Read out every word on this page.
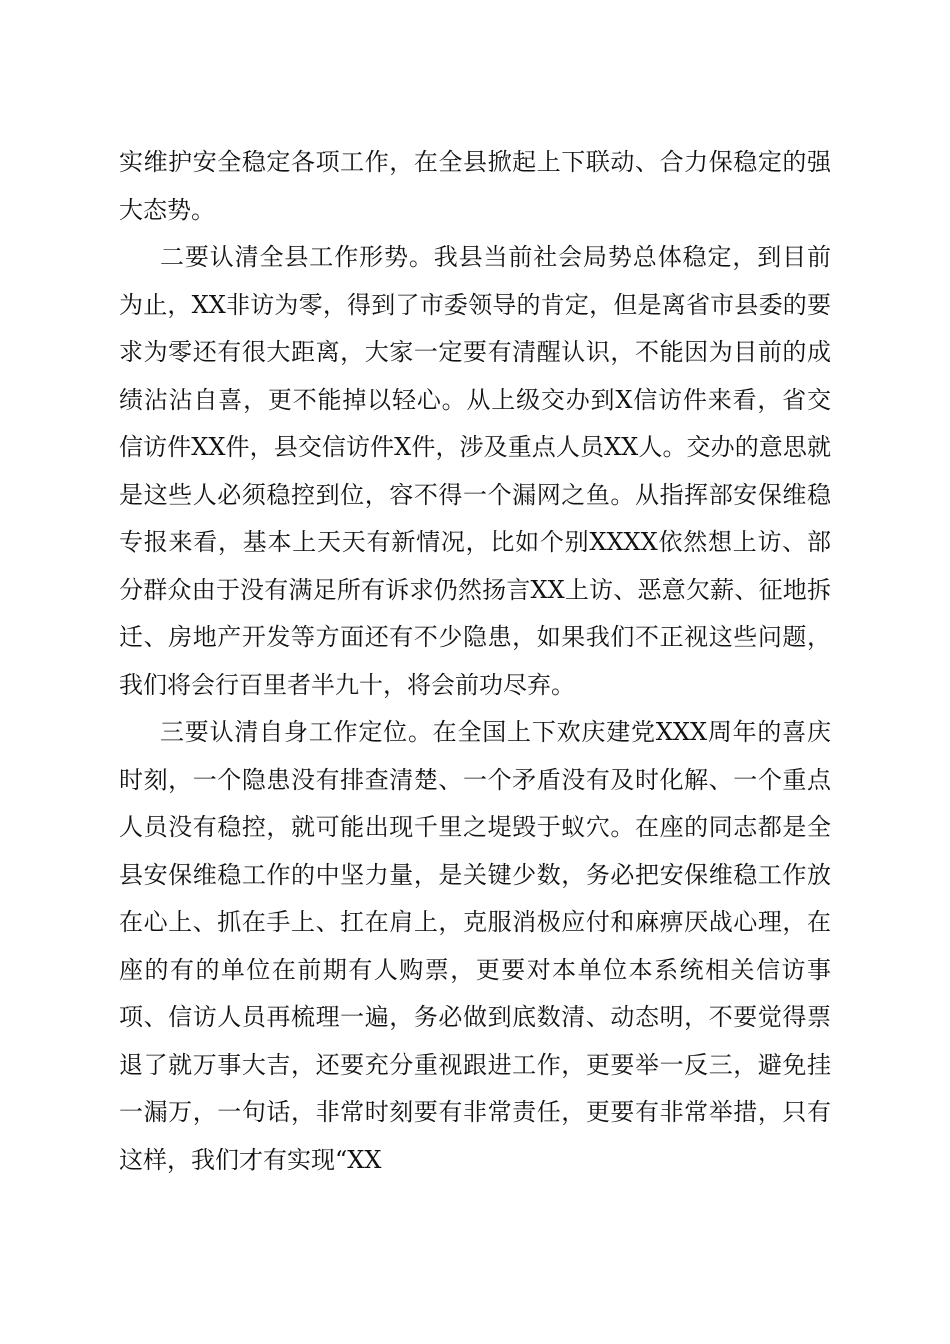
实维护安全稳定各项工作，在全县掀起上下联动、合力保稳定的强大态势。

二要认清全县工作形势。我县当前社会局势总体稳定，到目前为止，XX非访为零，得到了市委领导的肯定，但是离省市县委的要求为零还有很大距离，大家一定要有清醒认识，不能因为目前的成绩沾沾自喜，更不能掉以轻心。从上级交办到X信访件来看，省交信访件XX件，县交信访件X件，涉及重点人员XX人。交办的意思就是这些人必须稳控到位，容不得一个漏网之鱼。从指挥部安保维稳专报来看，基本上天天有新情况，比如个别XXXX依然想上访、部分群众由于没有满足所有诉求仍然扬言XX上访、恶意欠薪、征地拆迁、房地产开发等方面还有不少隐患，如果我们不正视这些问题，我们将会行百里者半九十，将会前功尽弃。

三要认清自身工作定位。在全国上下欢庆建党XXX周年的喜庆时刻，一个隐患没有排查清楚、一个矛盾没有及时化解、一个重点人员没有稳控，就可能出现千里之堤毁于蚁穴。在座的同志都是全县安保维稳工作的中坚力量，是关键少数，务必把安保维稳工作放在心上、抓在手上、扛在肩上，克服消极应付和麻痹厌战心理，在座的有的单位在前期有人购票，更要对本单位本系统相关信访事项、信访人员再梳理一遍，务必做到底数清、动态明，不要觉得票退了就万事大吉，还要充分重视跟进工作，更要举一反三，避免挂一漏万，一句话，非常时刻要有非常责任，更要有非常举措，只有这样，我们才有实现“XX
